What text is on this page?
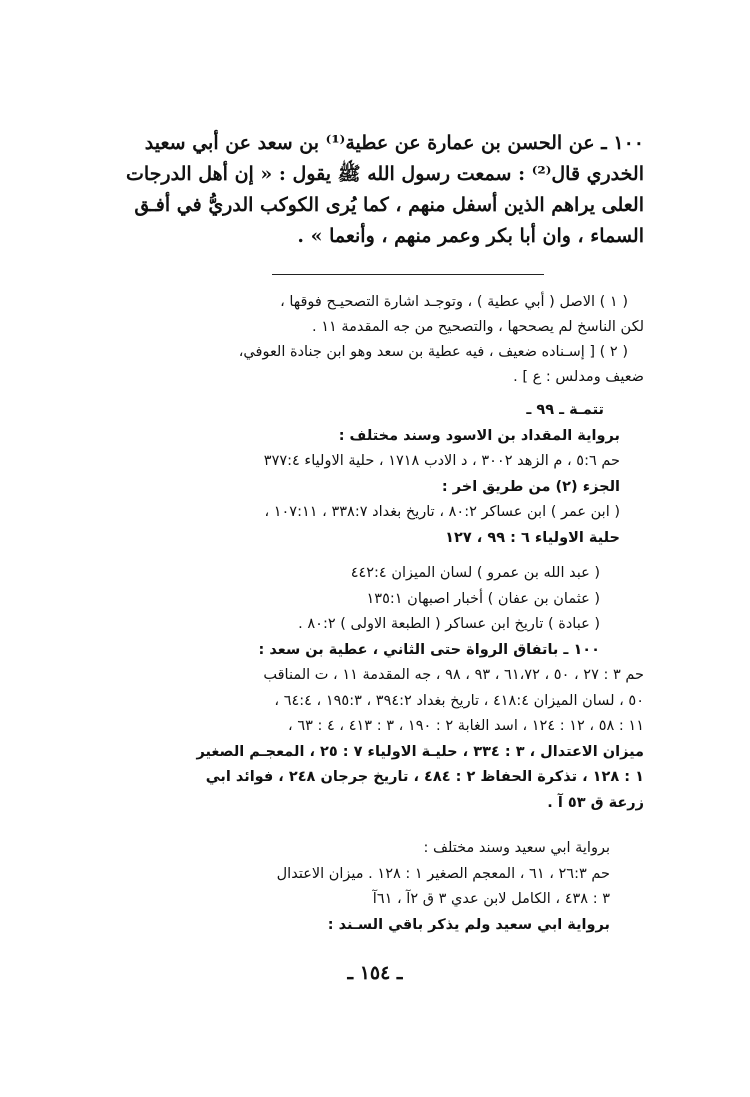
١٠٠ ـ عن الحسن بن عمارة عن عطية⁽¹⁾ بن سعد عن أبي سعيد
الخدري قال⁽²⁾ : سمعت رسول الله ﷺ يقول : « إن أهل الدرجات
العلى يراهم الذين أسفل منهم ، كما يُرى الكوكب الدريُّ في أفـق
السماء ، وان أبا بكر وعمر منهم ، وأنعما » .
( ١ ) الاصل ( أبي عطية ) ، وتوجـد اشارة التصحيـح فوقها ،
لكن الناسخ لم يصححها ، والتصحيح من جه المقدمة ١١ .
( ٢ ) [ إسـناده ضعيف ، فيه عطية بن سعد وهو ابن جنادة العوفي،
ضعيف ومدلس : ع ] .
تتمـة ـ ٩٩ ـ
برواية المقداد بن الاسود وسند مختلف :
حم ٥:٦ ، م الزهد ٣٠٠٢ ، د الادب ١٧١٨ ، حلية الاولياء ٣٧٧:٤
الجزء (٢) من طريق اخر :
( ابن عمر ) ابن عساكر ٨٠:٢ ، تاريخ بغداد ٣٣٨:٧ ، ١٠٧:١١ ،
حلية الاولياء ٦ : ٩٩ ، ١٢٧
( عبد الله بن عمرو ) لسان الميزان ٤٤٢:٤
( عثمان بن عفان ) أخبار اصبهان ١٣٥:١
( عبادة ) تاريخ ابن عساكر ( الطبعة الاولى ) ٨٠:٢ .
١٠٠ ـ باتفاق الرواة حتى الثاني ، عطية بن سعد :
حم ٣ : ٢٧ ، ٥٠ ، ٦١،٧٢ ، ٩٣ ، ٩٨ ، جه المقدمة ١١ ، ت المناقب
٥٠ ، لسان الميزان ٤١٨:٤ ، تاريخ بغداد ٣٩٤:٢ ، ١٩٥:٣ ، ٦٤:٤ ،
١١ : ٥٨ ، ١٢ : ١٢٤ ، اسد الغابة ٢ : ١٩٠ ، ٣ : ٤١٣ ، ٤ : ٦٣ ،
ميزان الاعتدال ، ٣ : ٣٣٤ ، حليـة الاولياء ٧ : ٢٥ ، المعجـم الصغير
١ : ١٢٨ ، تذكرة الحفاظ ٢ : ٤٨٤ ، تاريخ جرجان ٢٤٨ ، فوائد ابي
زرعة ق ٥٣ آ .
برواية ابي سعيد وسند مختلف :
حم ٢٦:٣ ، ٦١ ، المعجم الصغير ١ : ١٢٨ . ميزان الاعتدال
٣ : ٤٣٨ ، الكامل لابن عدي ٣ ق ٢آ ، ٦١آ
برواية ابي سعيد ولم يذكر باقي السـند :
ـ ١٥٤ ـ
